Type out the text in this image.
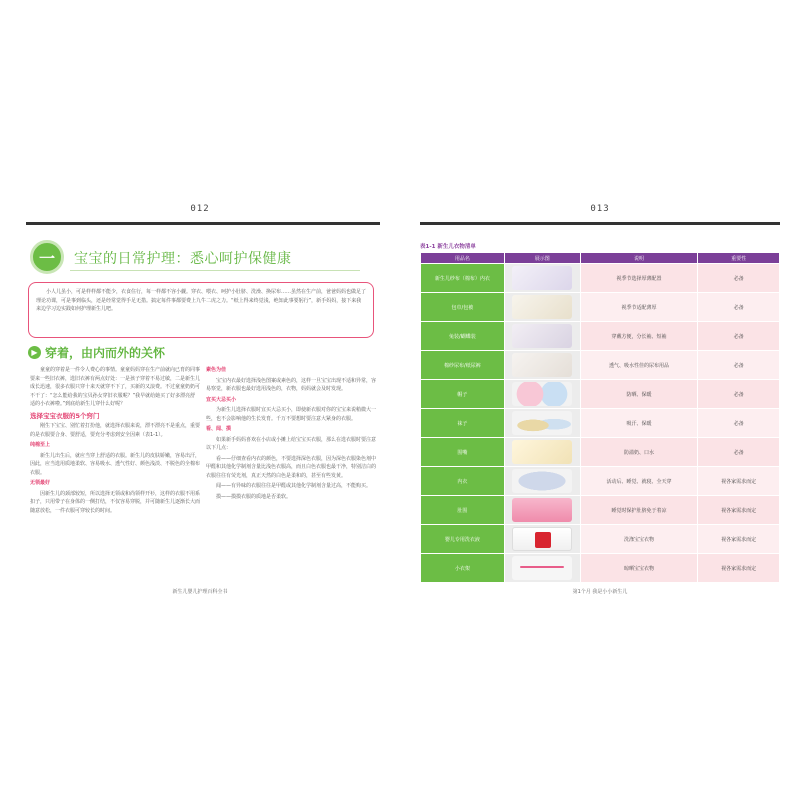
012
一	宝宝的日常护理：悉心呵护保健康

小人儿虽小，可是样样都不能少，衣食住行，每一样都不容小觑。穿衣、喂衣、呵护小肚脐、洗澡、换尿布……虽然在生产前，爸爸妈妈也做足了理论功课，可是事到临头，还是经常觉得手足无措。搞定每件事都要费上九牛二虎之力。“纸上得来终觉浅，绝知此事要躬行”，新手妈妈，接下来我来边学习边实践如何护理新生儿吧。

▶ 穿着，由内而外的关怀

童童的穿着是一件令人费心的事情。童童妈妈穿在生产前就向已育的同事要来一些旧衣裤，选旧衣裤有两点好处：一是孩子穿着不易过敏，二是新生儿成长迅速，很多衣服只穿十来天就穿不下了，买新的又浪费。不过童童奶奶可不干了：“怎么能给我的宝贝孙女穿旧衣服呢？”我早就给她买了好多漂亮舒适的小衣裤啦。”到底给新生儿穿什么好呢？

选择宝宝衣服的5个窍门

刚生下宝宝、别忙着打扮他，就选择衣服来说，漂不漂亮不是重点，重要的是衣服要合身、要舒适，要充分考虑到安全因素（表1-1）。

纯棉至上

新生儿出生后，就应当穿上舒适的衣服。新生儿的皮肤娇嫩，容易出汗，因此，应当选用质地柔软、容易吸水、透气性好、颜色浅淡、不脱色的全棉布衣服。

无领最好

因新生儿的颈部较短，所以选择无领或和尚领样开衫，这样的衣服不用系扣子，只用带子在身体的一侧打结，不仅容易穿脱，并可随新生儿逐渐长大而随意放松，一件衣服可穿较长的时间。

素色为佳

宝宝内衣最好选择浅色图案或素色的，这样一旦宝宝出现不适和异常，容易察觉，新衣服也最好选用浅色的，衣物，妈妈就会及时发现。

宜买大忌买小

为新生儿选择衣服时宜买大忌买小，即使新衣服对你的宝宝来说稍微大一些，也不会影响他的生长发育。千万不要想时要注意大紧身的衣服。

看、闻、摸

如果新手妈妈喜欢在小店或小摊上给宝宝买衣服，那么在选衣服时要注意以下几点：

看——仔细查看内衣的颜色，不要选择深色衣服，因为深色衣服染色剂中甲醛和其他化学制剂含量比浅色衣服高，而且白色衣服也最干净，特别洁白的衣服往往有荧光剂，真正天然的白色是柔和的，甚至有些发黄。

闻——有异味的衣服往往是甲醛或其他化学制剂含量过高，不能购买。

摸——摸摸衣服的质地是否柔软。

新生儿婴儿护理百科全书
013
表1-1 新生儿衣物清单
用品名	展示图	说明	重要性
新生儿纱布（棉布）内衣		视季节选择厚薄配置	必备
包巾/包被		视季节适配薄厚	必备
兔装/蝴蝶装		穿戴方便，分长袖、短袖	必备
棉纱尿布/纸尿裤		透气、吸水性佳的尿布用品	必备
帽子		防晒、保暖	必备
袜子		吸汗、保暖	必备
围嘴		防溢奶、口水	必备
内衣		活动后、睡觉、就寝、全天穿	视各家需求而定
肚围		睡觉时保护肚脐免于着凉	视各家需求而定
婴儿专用洗衣液		洗涤宝宝衣物	视各家需求而定
小衣架		晾晒宝宝衣物	视各家需求而定
第1个月 我是小小新生儿
